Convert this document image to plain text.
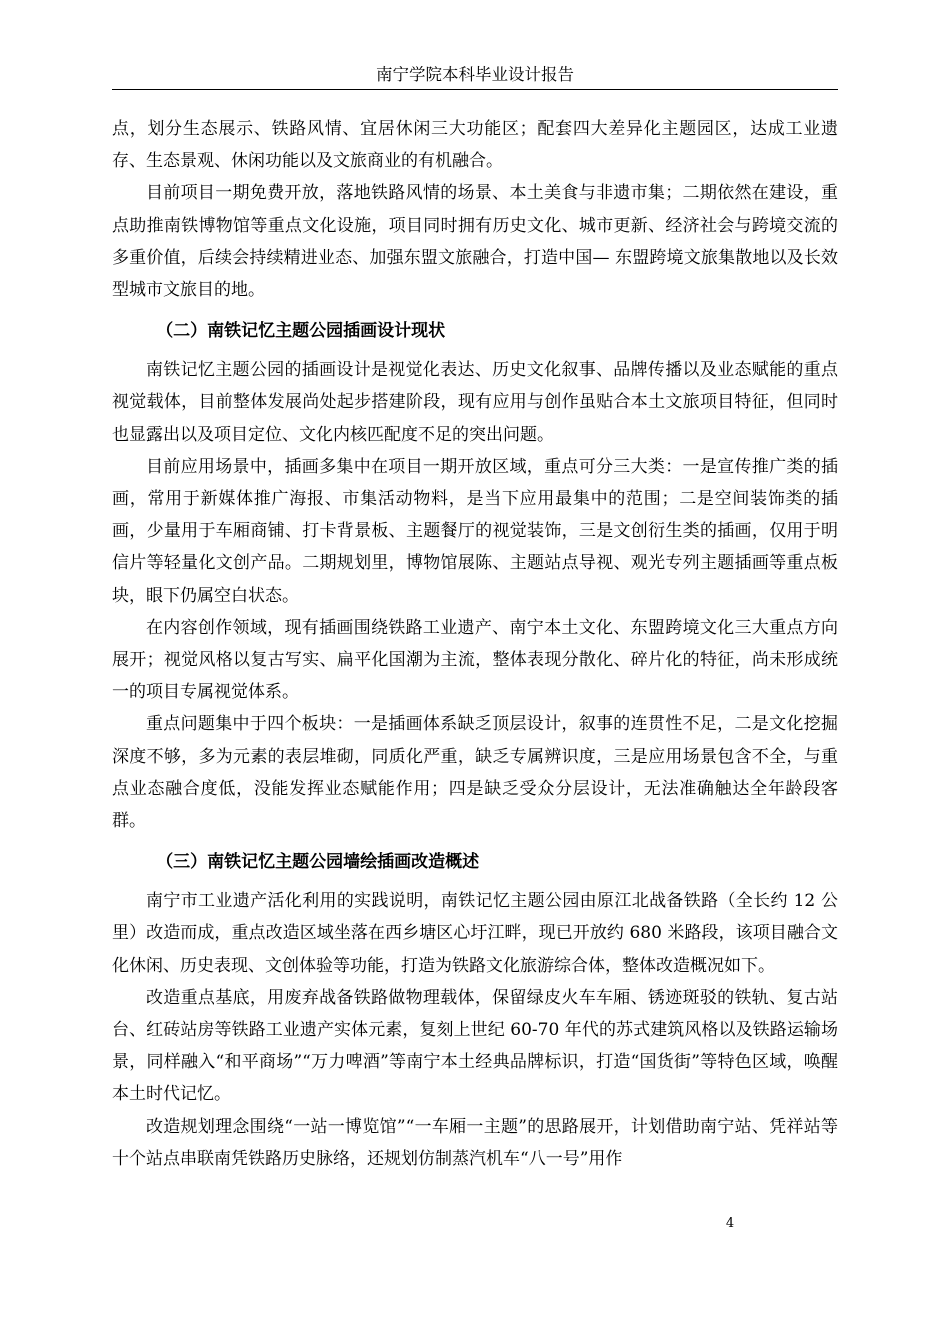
南宁学院本科毕业设计报告

点，划分生态展示、铁路风情、宜居休闲三大功能区；配套四大差异化主题园区，达成工业遗存、生态景观、休闲功能以及文旅商业的有机融合。

目前项目一期免费开放，落地铁路风情的场景、本土美食与非遗市集；二期依然在建设，重点助推南铁博物馆等重点文化设施，项目同时拥有历史文化、城市更新、经济社会与跨境交流的多重价值，后续会持续精进业态、加强东盟文旅融合，打造中国— 东盟跨境文旅集散地以及长效型城市文旅目的地。

（二）南铁记忆主题公园插画设计现状

南铁记忆主题公园的插画设计是视觉化表达、历史文化叙事、品牌传播以及业态赋能的重点视觉载体，目前整体发展尚处起步搭建阶段，现有应用与创作虽贴合本土文旅项目特征，但同时也显露出以及项目定位、文化内核匹配度不足的突出问题。

目前应用场景中，插画多集中在项目一期开放区域，重点可分三大类：一是宣传推广类的插画，常用于新媒体推广海报、市集活动物料，是当下应用最集中的范围；二是空间装饰类的插画，少量用于车厢商铺、打卡背景板、主题餐厅的视觉装饰，三是文创衍生类的插画，仅用于明信片等轻量化文创产品。二期规划里，博物馆展陈、主题站点导视、观光专列主题插画等重点板块，眼下仍属空白状态。

在内容创作领域，现有插画围绕铁路工业遗产、南宁本土文化、东盟跨境文化三大重点方向展开；视觉风格以复古写实、扁平化国潮为主流，整体表现分散化、碎片化的特征，尚未形成统一的项目专属视觉体系。

重点问题集中于四个板块：一是插画体系缺乏顶层设计，叙事的连贯性不足，二是文化挖掘深度不够，多为元素的表层堆砌，同质化严重，缺乏专属辨识度，三是应用场景包含不全，与重点业态融合度低，没能发挥业态赋能作用；四是缺乏受众分层设计，无法准确触达全年龄段客群。

（三）南铁记忆主题公园墙绘插画改造概述

南宁市工业遗产活化利用的实践说明，南铁记忆主题公园由原江北战备铁路（全长约 12 公里）改造而成，重点改造区域坐落在西乡塘区心圩江畔，现已开放约 680 米路段，该项目融合文化休闲、历史表现、文创体验等功能，打造为铁路文化旅游综合体，整体改造概况如下。

改造重点基底，用废弃战备铁路做物理载体，保留绿皮火车车厢、锈迹斑驳的铁轨、复古站台、红砖站房等铁路工业遗产实体元素，复刻上世纪 60-70 年代的苏式建筑风格以及铁路运输场景，同样融入“和平商场”“万力啤酒”等南宁本土经典品牌标识，打造“国货街”等特色区域，唤醒本土时代记忆。

改造规划理念围绕“一站一博览馆”“一车厢一主题”的思路展开，计划借助南宁站、凭祥站等十个站点串联南凭铁路历史脉络，还规划仿制蒸汽机车“八一号”用作

4
